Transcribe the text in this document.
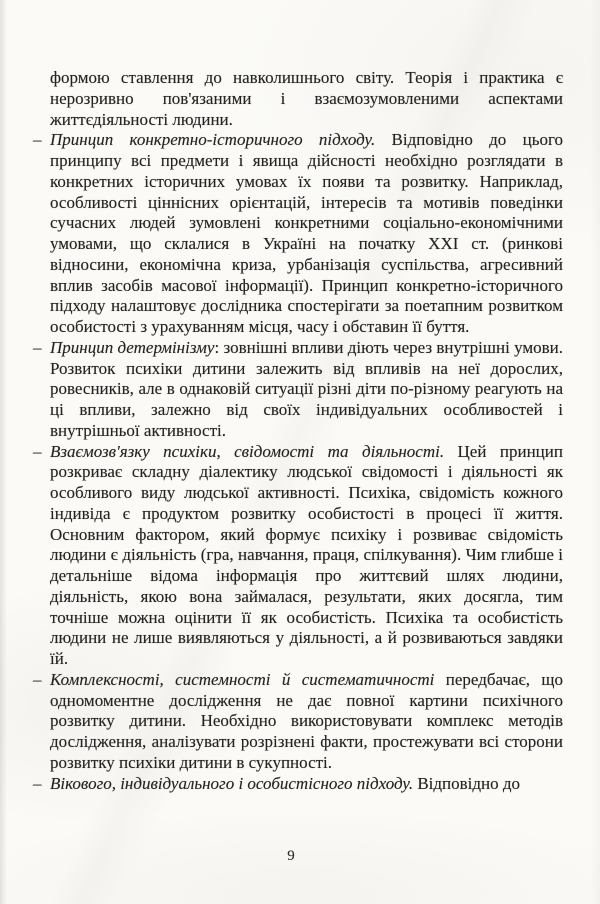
формою ставлення до навколишнього світу. Теорія і практика є нерозривно пов'язаними і взаємозумовленими аспектами життєдіяльності людини.

– Принцип конкретно-історичного підходу. Відповідно до цього принципу всі предмети і явища дійсності необхідно розглядати в конкретних історичних умовах їх появи та розвитку. Наприклад, особливості ціннісних орієнтацій, інтересів та мотивів поведінки сучасних людей зумовлені конкретними соціально-економічними умовами, що склалися в Україні на початку XXI ст. (ринкові відносини, економічна криза, урбанізація суспільства, агресивний вплив засобів масової інформації). Принцип конкретно-історичного підходу налаштовує дослідника спостерігати за поетапним розвитком особистості з урахуванням місця, часу і обставин її буття.
– Принцип детермінізму: зовнішні впливи діють через внутрішні умови. Розвиток психіки дитини залежить від впливів на неї дорослих, ровесників, але в однаковій ситуації різні діти по-різному реагують на ці впливи, залежно від своїх індивідуальних особливостей і внутрішньої активності.
– Взаємозв'язку психіки, свідомості та діяльності. Цей принцип розкриває складну діалектику людської свідомості і діяльності як особливого виду людської активності. Психіка, свідомість кожного індивіда є продуктом розвитку особистості в процесі її життя. Основним фактором, який формує психіку і розвиває свідомість людини є діяльність (гра, навчання, праця, спілкування). Чим глибше і детальніше відома інформація про життєвий шлях людини, діяльність, якою вона займалася, результати, яких досягла, тим точніше можна оцінити її як особистість. Психіка та особистість людини не лише виявляються у діяльності, а й розвиваються завдяки їй.
– Комплексності, системності й систематичності передбачає, що одномоментне дослідження не дає повної картини психічного розвитку дитини. Необхідно використовувати комплекс методів дослідження, аналізувати розрізнені факти, простежувати всі сторони розвитку психіки дитини в сукупності.
– Вікового, індивідуального і особистісного підходу. Відповідно до
9
